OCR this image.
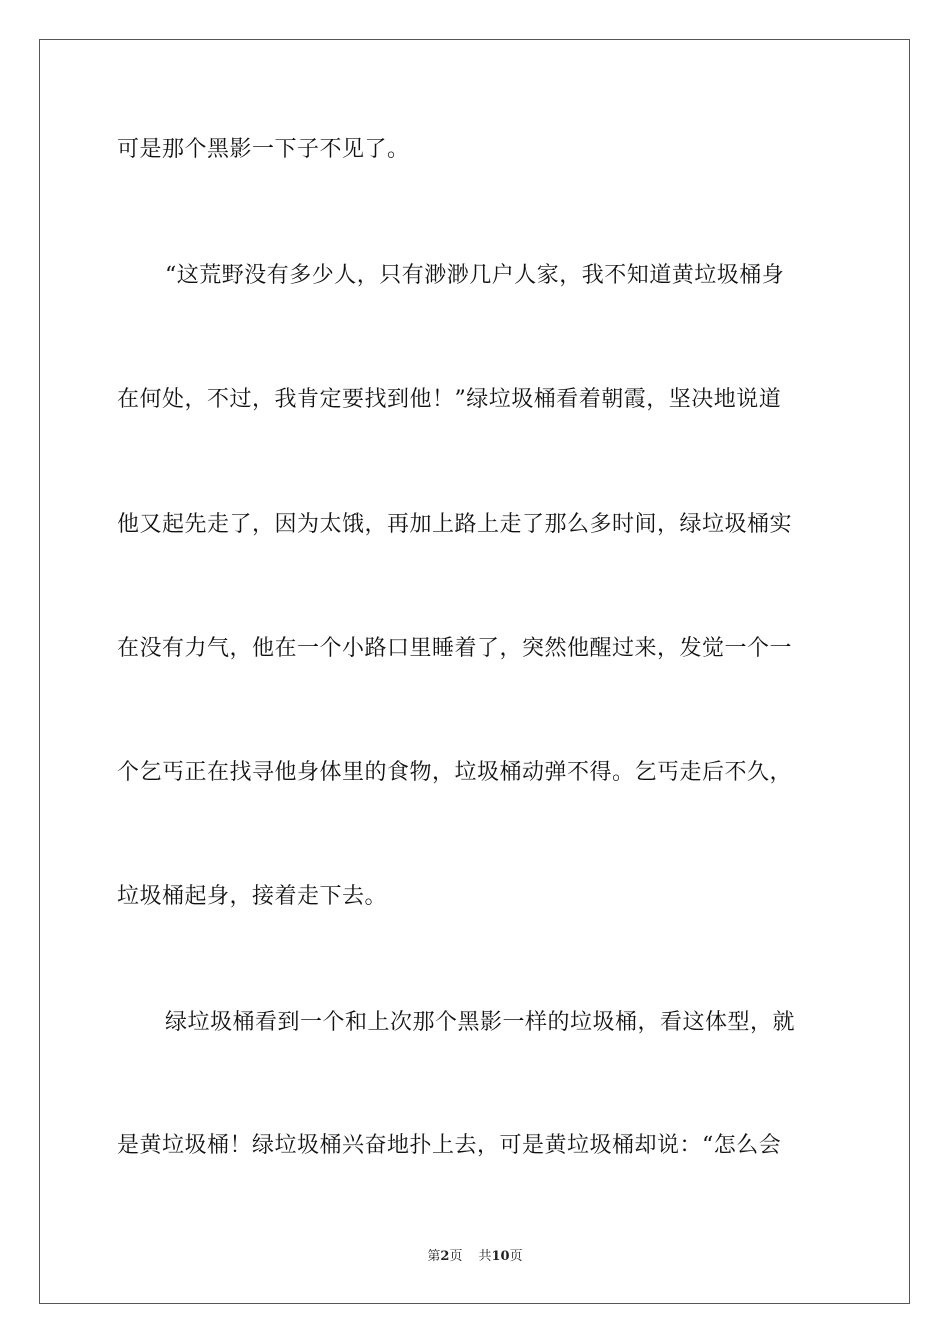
可是那个黑影一下子不见了。
“这荒野没有多少人，只有渺渺几户人家，我不知道黄垃圾桶身
在何处，不过，我肯定要找到他！”绿垃圾桶看着朝霞，坚决地说道
他又起先走了，因为太饿，再加上路上走了那么多时间，绿垃圾桶实
在没有力气，他在一个小路口里睡着了，突然他醒过来，发觉一个一
个乞丐正在找寻他身体里的食物，垃圾桶动弹不得。乞丐走后不久，
垃圾桶起身，接着走下去。
绿垃圾桶看到一个和上次那个黑影一样的垃圾桶，看这体型，就
是黄垃圾桶！绿垃圾桶兴奋地扑上去，可是黄垃圾桶却说：“怎么会
第2页 共10页
